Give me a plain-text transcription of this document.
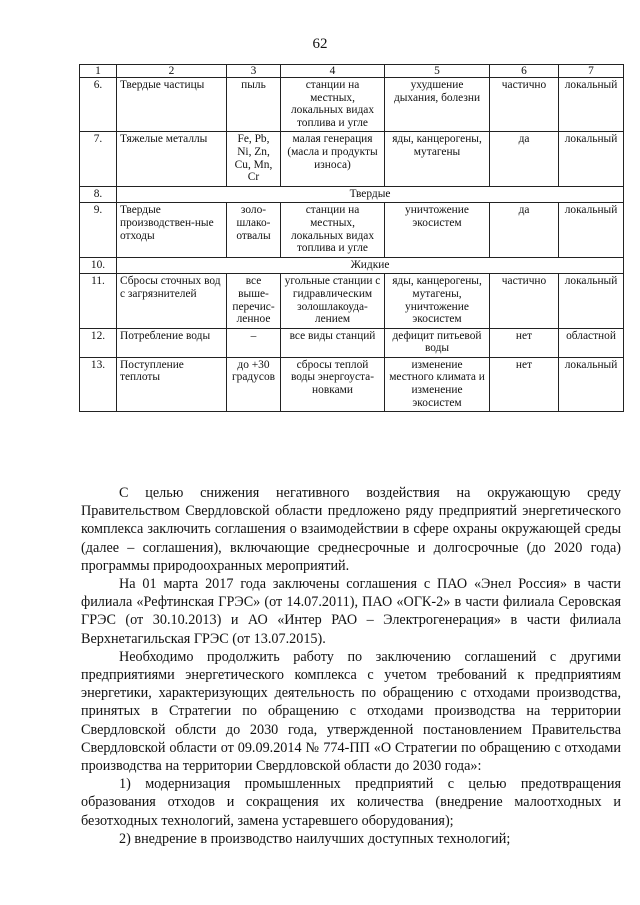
62
1	2	3	4	5	6	7
6.	Твердые частицы	пыль	станции на местных, локальных видах топлива и угле	ухудшение дыхания, болезни	частично	локальный
7.	Тяжелые металлы	Fe, Pb, Ni, Zn, Cu, Mn, Cr	малая генерация (масла и продукты износа)	яды, канцерогены, мутагены	да	локальный
8.	Твердые					
9.	Твердые производствен-ные отходы	золо-шлако-отвалы	станции на местных, локальных видах топлива и угле	уничтожение экосистем	да	локальный
10.	Жидкие					
11.	Сбросы сточных вод с загрязнителей	все выше-перечис-ленное	угольные станции с гидравлическим золошлакоуда-лением	яды, канцерогены, мутагены, уничтожение экосистем	частично	локальный
12.	Потребление воды	–	все виды станций	дефицит питьевой воды	нет	областной
13.	Поступление теплоты	до +30 градусов	сбросы теплой воды энергоуста-новками	изменение местного климата и изменение экосистем	нет	локальный

С целью снижения негативного воздействия на окружающую среду Правительством Свердловской области предложено ряду предприятий энергетического комплекса заключить соглашения о взаимодействии в сфере охраны окружающей среды (далее – соглашения), включающие среднесрочные и долгосрочные (до 2020 года) программы природоохранных мероприятий.

На 01 марта 2017 года заключены соглашения с ПАО «Энел Россия» в части филиала «Рефтинская ГРЭС» (от 14.07.2011), ПАО «ОГК-2» в части филиала Серовская ГРЭС (от 30.10.2013) и АО «Интер РАО – Электрогенерация» в части филиала Верхнетагильская ГРЭС (от 13.07.2015).

Необходимо продолжить работу по заключению соглашений с другими предприятиями энергетического комплекса с учетом требований к предприятиям энергетики, характеризующих деятельность по обращению с отходами производства, принятых в Стратегии по обращению с отходами производства на территории Свердловской облсти до 2030 года, утвержденной постановлением Правительства Свердловской области от 09.09.2014 № 774-ПП «О Стратегии по обращению с отходами производства на территории Свердловской области до 2030 года»:

1) модернизация промышленных предприятий с целью предотвращения образования отходов и сокращения их количества (внедрение малоотходных и безотходных технологий, замена устаревшего оборудования);

2) внедрение в производство наилучших доступных технологий;
